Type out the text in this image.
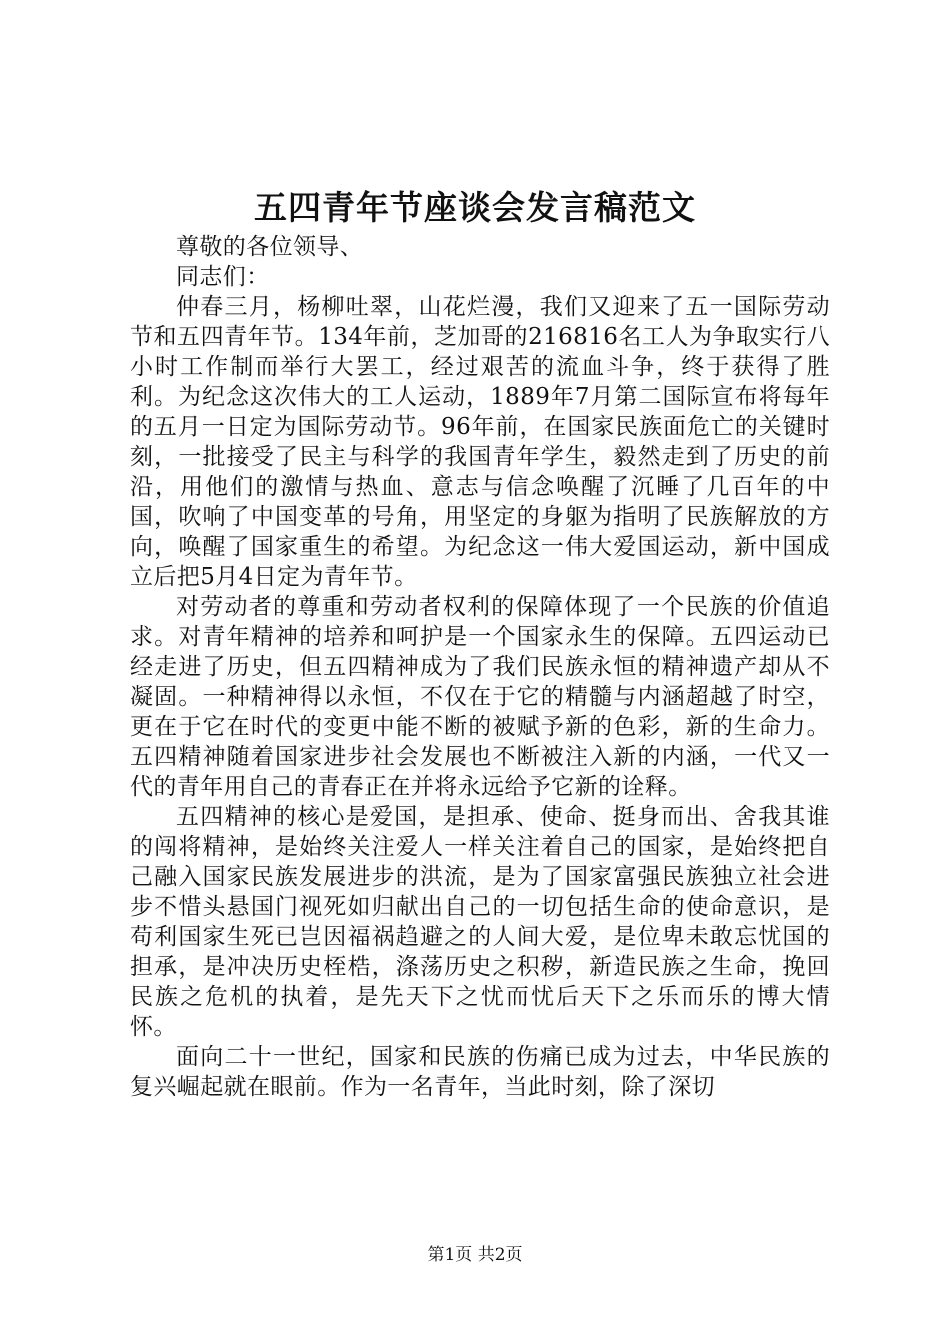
五四青年节座谈会发言稿范文

尊敬的各位领导、

同志们：

仲春三月，杨柳吐翠，山花烂漫，我们又迎来了五一国际劳动节和五四青年节。134年前，芝加哥的216816名工人为争取实行八小时工作制而举行大罢工，经过艰苦的流血斗争，终于获得了胜利。为纪念这次伟大的工人运动，1889年7月第二国际宣布将每年的五月一日定为国际劳动节。96年前，在国家民族面危亡的关键时刻，一批接受了民主与科学的我国青年学生，毅然走到了历史的前沿，用他们的激情与热血、意志与信念唤醒了沉睡了几百年的中国，吹响了中国变革的号角，用坚定的身躯为指明了民族解放的方向，唤醒了国家重生的希望。为纪念这一伟大爱国运动，新中国成立后把5月4日定为青年节。

对劳动者的尊重和劳动者权利的保障体现了一个民族的价值追求。对青年精神的培养和呵护是一个国家永生的保障。五四运动已经走进了历史，但五四精神成为了我们民族永恒的精神遗产却从不凝固。一种精神得以永恒，不仅在于它的精髓与内涵超越了时空，更在于它在时代的变更中能不断的被赋予新的色彩，新的生命力。五四精神随着国家进步社会发展也不断被注入新的内涵，一代又一代的青年用自己的青春正在并将永远给予它新的诠释。

五四精神的核心是爱国，是担承、使命、挺身而出、舍我其谁的闯将精神，是始终关注爱人一样关注着自己的国家，是始终把自己融入国家民族发展进步的洪流，是为了国家富强民族独立社会进步不惜头悬国门视死如归献出自己的一切包括生命的使命意识，是苟利国家生死已岂因福祸趋避之的人间大爱，是位卑未敢忘忧国的担承，是冲决历史桎梏，涤荡历史之积秽，新造民族之生命，挽回民族之危机的执着，是先天下之忧而忧后天下之乐而乐的博大情怀。

面向二十一世纪，国家和民族的伤痛已成为过去，中华民族的复兴崛起就在眼前。作为一名青年，当此时刻，除了深切

第1页 共2页
